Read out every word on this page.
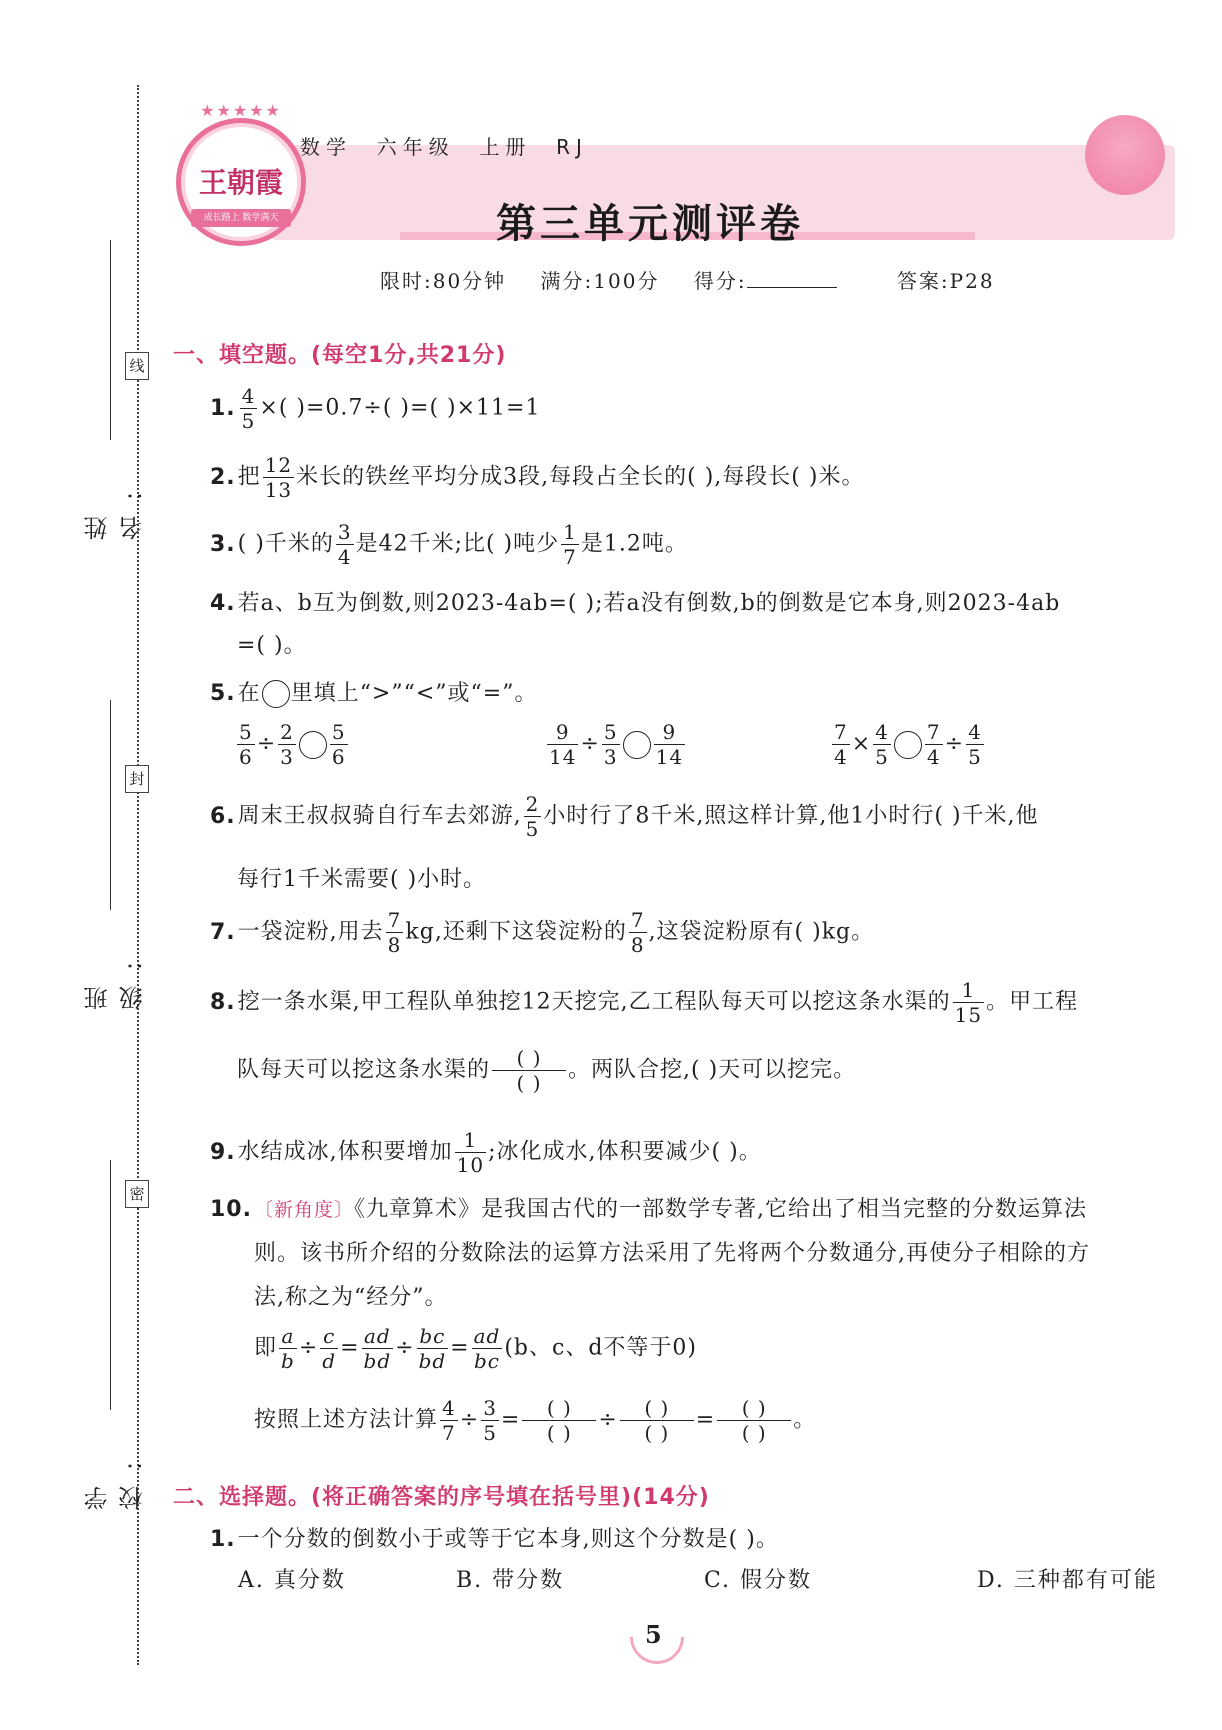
线
封
密
姓 名:
班 级:
学 校:
数学 六年级 上册 RJ
★★★★★
王朝霞
成长路上 数学满天	第三单元测评卷
限时:80分钟 满分:100分 得分:	答案:P28
一、填空题。(每空1分,共21分)
1. $\frac{4}{5}$ ×( )=0.7÷( )=( )×11=1
2.把 $\frac{12}{13}$ 米长的铁丝平均分成3段,每段占全长的( ),每段长( )米。
3.( )千米的 $\frac{3}{4}$ 是42千米;比( )吨少 $\frac{1}{7}$ 是1.2吨。
4.若a、b互为倒数,则2023-4ab=( );若a没有倒数,b的倒数是它本身,则2023-4ab
=( )。
5.在 里填上“>”“<”或“=”。
$\frac{5}{6} \div \frac{2}{3} \frac{5}{6}$	$\frac{9}{14} \div \frac{5}{3} \frac{9}{14}$	$\frac{7}{4} \times \frac{4}{5} \frac{7}{4} \div \frac{4}{5}$
6.周末王叔叔骑自行车去郊游, $\frac{2}{5}$ 小时行了8千米,照这样计算,他1小时行( )千米,他
每行1千米需要( )小时。
7.一袋淀粉,用去 $\frac{7}{8}$ kg,还剩下这袋淀粉的 $\frac{7}{8}$ ,这袋淀粉原有( )kg。
8.挖一条水渠,甲工程队单独挖12天挖完,乙工程队每天可以挖这条水渠的 $\frac{1}{15}$ 。甲工程
队每天可以挖这条水渠的 $\frac{( )}{( )}$ 。两队合挖,( )天可以挖完。
9.水结成冰,体积要增加 $\frac{1}{10}$ ;冰化成水,体积要减少( )。
10. 〔新角度〕《九章算术》是我国古代的一部数学专著,它给出了相当完整的分数运算法
则。该书所介绍的分数除法的运算方法采用了先将两个分数通分,再使分子相除的方
法,称之为“经分”。
即 $\frac{a}{b} \div \frac{c}{d} = \frac{ad}{bd} \div \frac{bc}{bd} = \frac{ad}{bc} (b$、c、d不等于0)
按照上述方法计算 $\frac{4}{7} \div \frac{3}{5} = \frac{( )}{( )} \div \frac{( )}{( )} = \frac{( )}{( )}$ 。
二、选择题。(将正确答案的序号填在括号里)(14分)
1.一个分数的倒数小于或等于它本身,则这个分数是( )。
A. 真分数	B. 带分数	C. 假分数	D. 三种都有可能
5
